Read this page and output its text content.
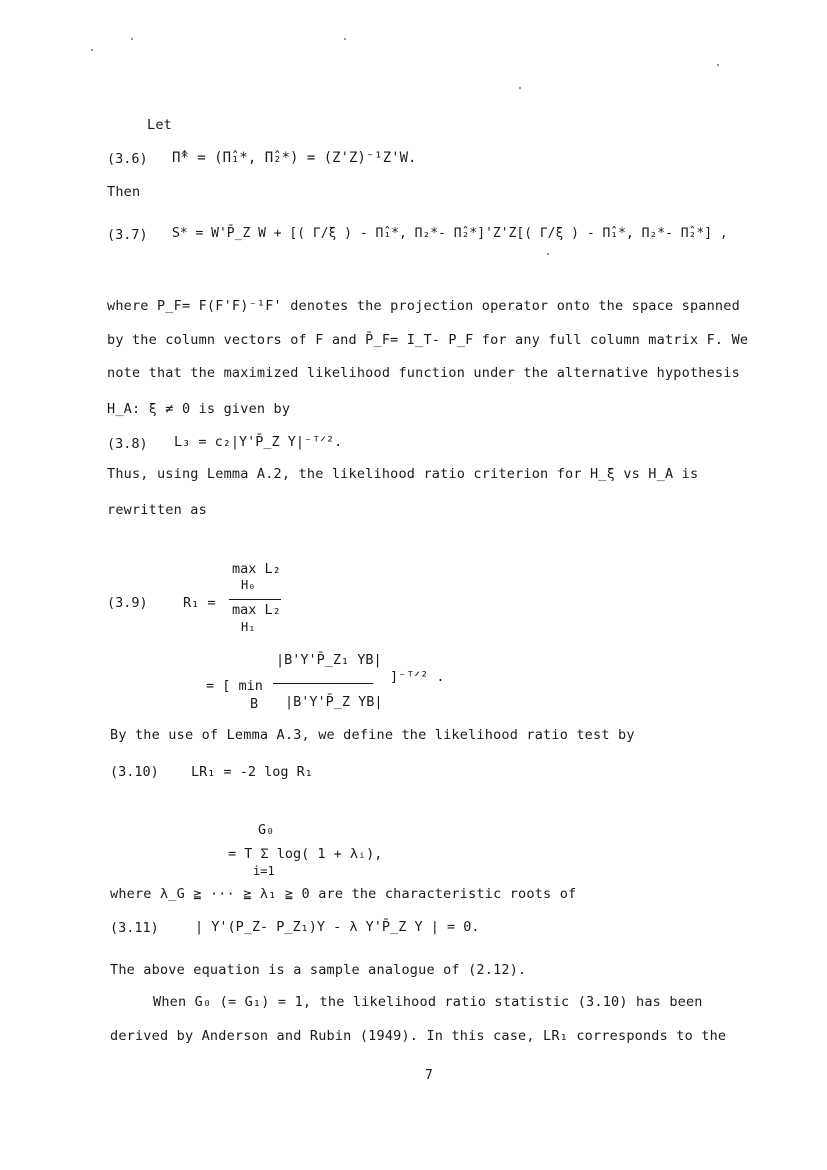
Let
(3.6) Π̂* = (Π̂₁*, Π̂₂*) = (Z'Z)⁻¹Z'W.
Then
(3.7) S* = W'P̄_Z W + [( Γ/ξ ) - Π̂₁*, Π₂*- Π̂₂*]'Z'Z[( Γ/ξ ) - Π̂₁*, Π₂*- Π̂₂*] ,
where P_F= F(F'F)⁻¹F' denotes the projection operator onto the space spanned
by the column vectors of F and P̄_F= I_T- P_F for any full column matrix F. We
note that the maximized likelihood function under the alternative hypothesis
H_A: ξ ≠ 0 is given by
(3.8) L₃ = c₂|Y'P̄_Z Y|⁻ᵀᐟ².
Thus, using Lemma A.2, the likelihood ratio criterion for H_ξ vs H_A is
rewritten as
(3.9)	R₁ =
max L₂
H₀
max L₂
H₁
= [ min
B
|B'Y'P̄_Z₁ YB|
|B'Y'P̄_Z YB|
]⁻ᵀᐟ² .
By the use of Lemma A.3, we define the likelihood ratio test by
(3.10) LR₁ = -2 log R₁
G₀
= T Σ log( 1 + λᵢ),
i=1
where λ_G ≧ ··· ≧ λ₁ ≧ 0 are the characteristic roots of
(3.11)	| Y'(P_Z- P_Z₁)Y - λ Y'P̄_Z Y | = 0.
The above equation is a sample analogue of (2.12).
When G₀ (= G₁) = 1, the likelihood ratio statistic (3.10) has been
derived by Anderson and Rubin (1949). In this case, LR₁ corresponds to the
7
